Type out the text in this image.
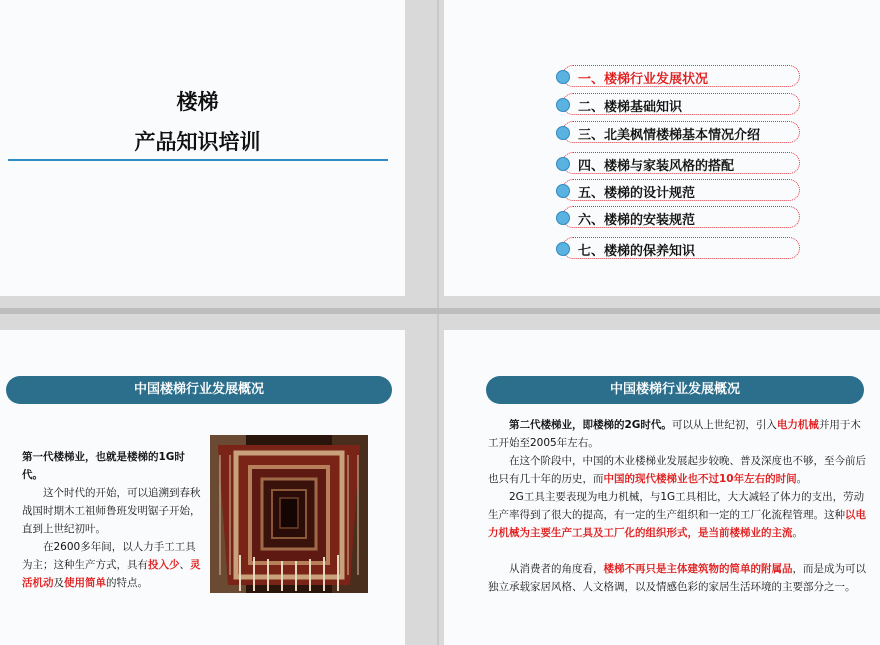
楼梯
产品知识培训
一、楼梯行业发展状况
二、楼梯基础知识
三、北美枫情楼梯基本情况介绍
四、楼梯与家装风格的搭配
五、楼梯的设计规范
六、楼梯的安装规范
七、楼梯的保养知识
中国楼梯行业发展概况

第一代楼梯业，也就是楼梯的1G时代。

这个时代的开始，可以追溯到春秋战国时期木工祖师鲁班发明锯子开始，直到上世纪初叶。

在2600多年间，以人力手工工具为主；这种生产方式，具有投入少、灵活机动及使用简单的特点。

中国楼梯行业发展概况

第二代楼梯业，即楼梯的2G时代。可以从上世纪初，引入电力机械并用于木工开始至2005年左右。

在这个阶段中，中国的木业楼梯业发展起步较晚、普及深度也不够，至今前后也只有几十年的历史，而中国的现代楼梯业也不过10年左右的时间。

2G工具主要表现为电力机械，与1G工具相比，大大减轻了体力的支出，劳动生产率得到了很大的提高，有一定的生产组织和一定的工厂化流程管理。这种以电力机械为主要生产工具及工厂化的组织形式，是当前楼梯业的主流。

从消费者的角度看，楼梯不再只是主体建筑物的简单的附属品，而是成为可以独立承载家居风格、人文格调，以及情感色彩的家居生活环境的主要部分之一。
